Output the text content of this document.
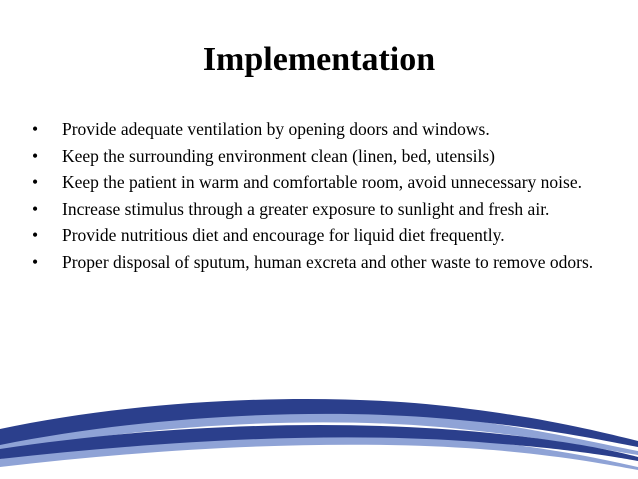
Implementation
• Provide adequate ventilation by opening doors and windows.
• Keep the surrounding environment clean (linen, bed, utensils)
• Keep the patient in warm and comfortable room, avoid unnecessary noise.
• Increase stimulus through a greater exposure to sunlight and fresh air.
• Provide nutritious diet and encourage for liquid diet frequently.
• Proper disposal of sputum, human excreta and other waste to remove odors.
